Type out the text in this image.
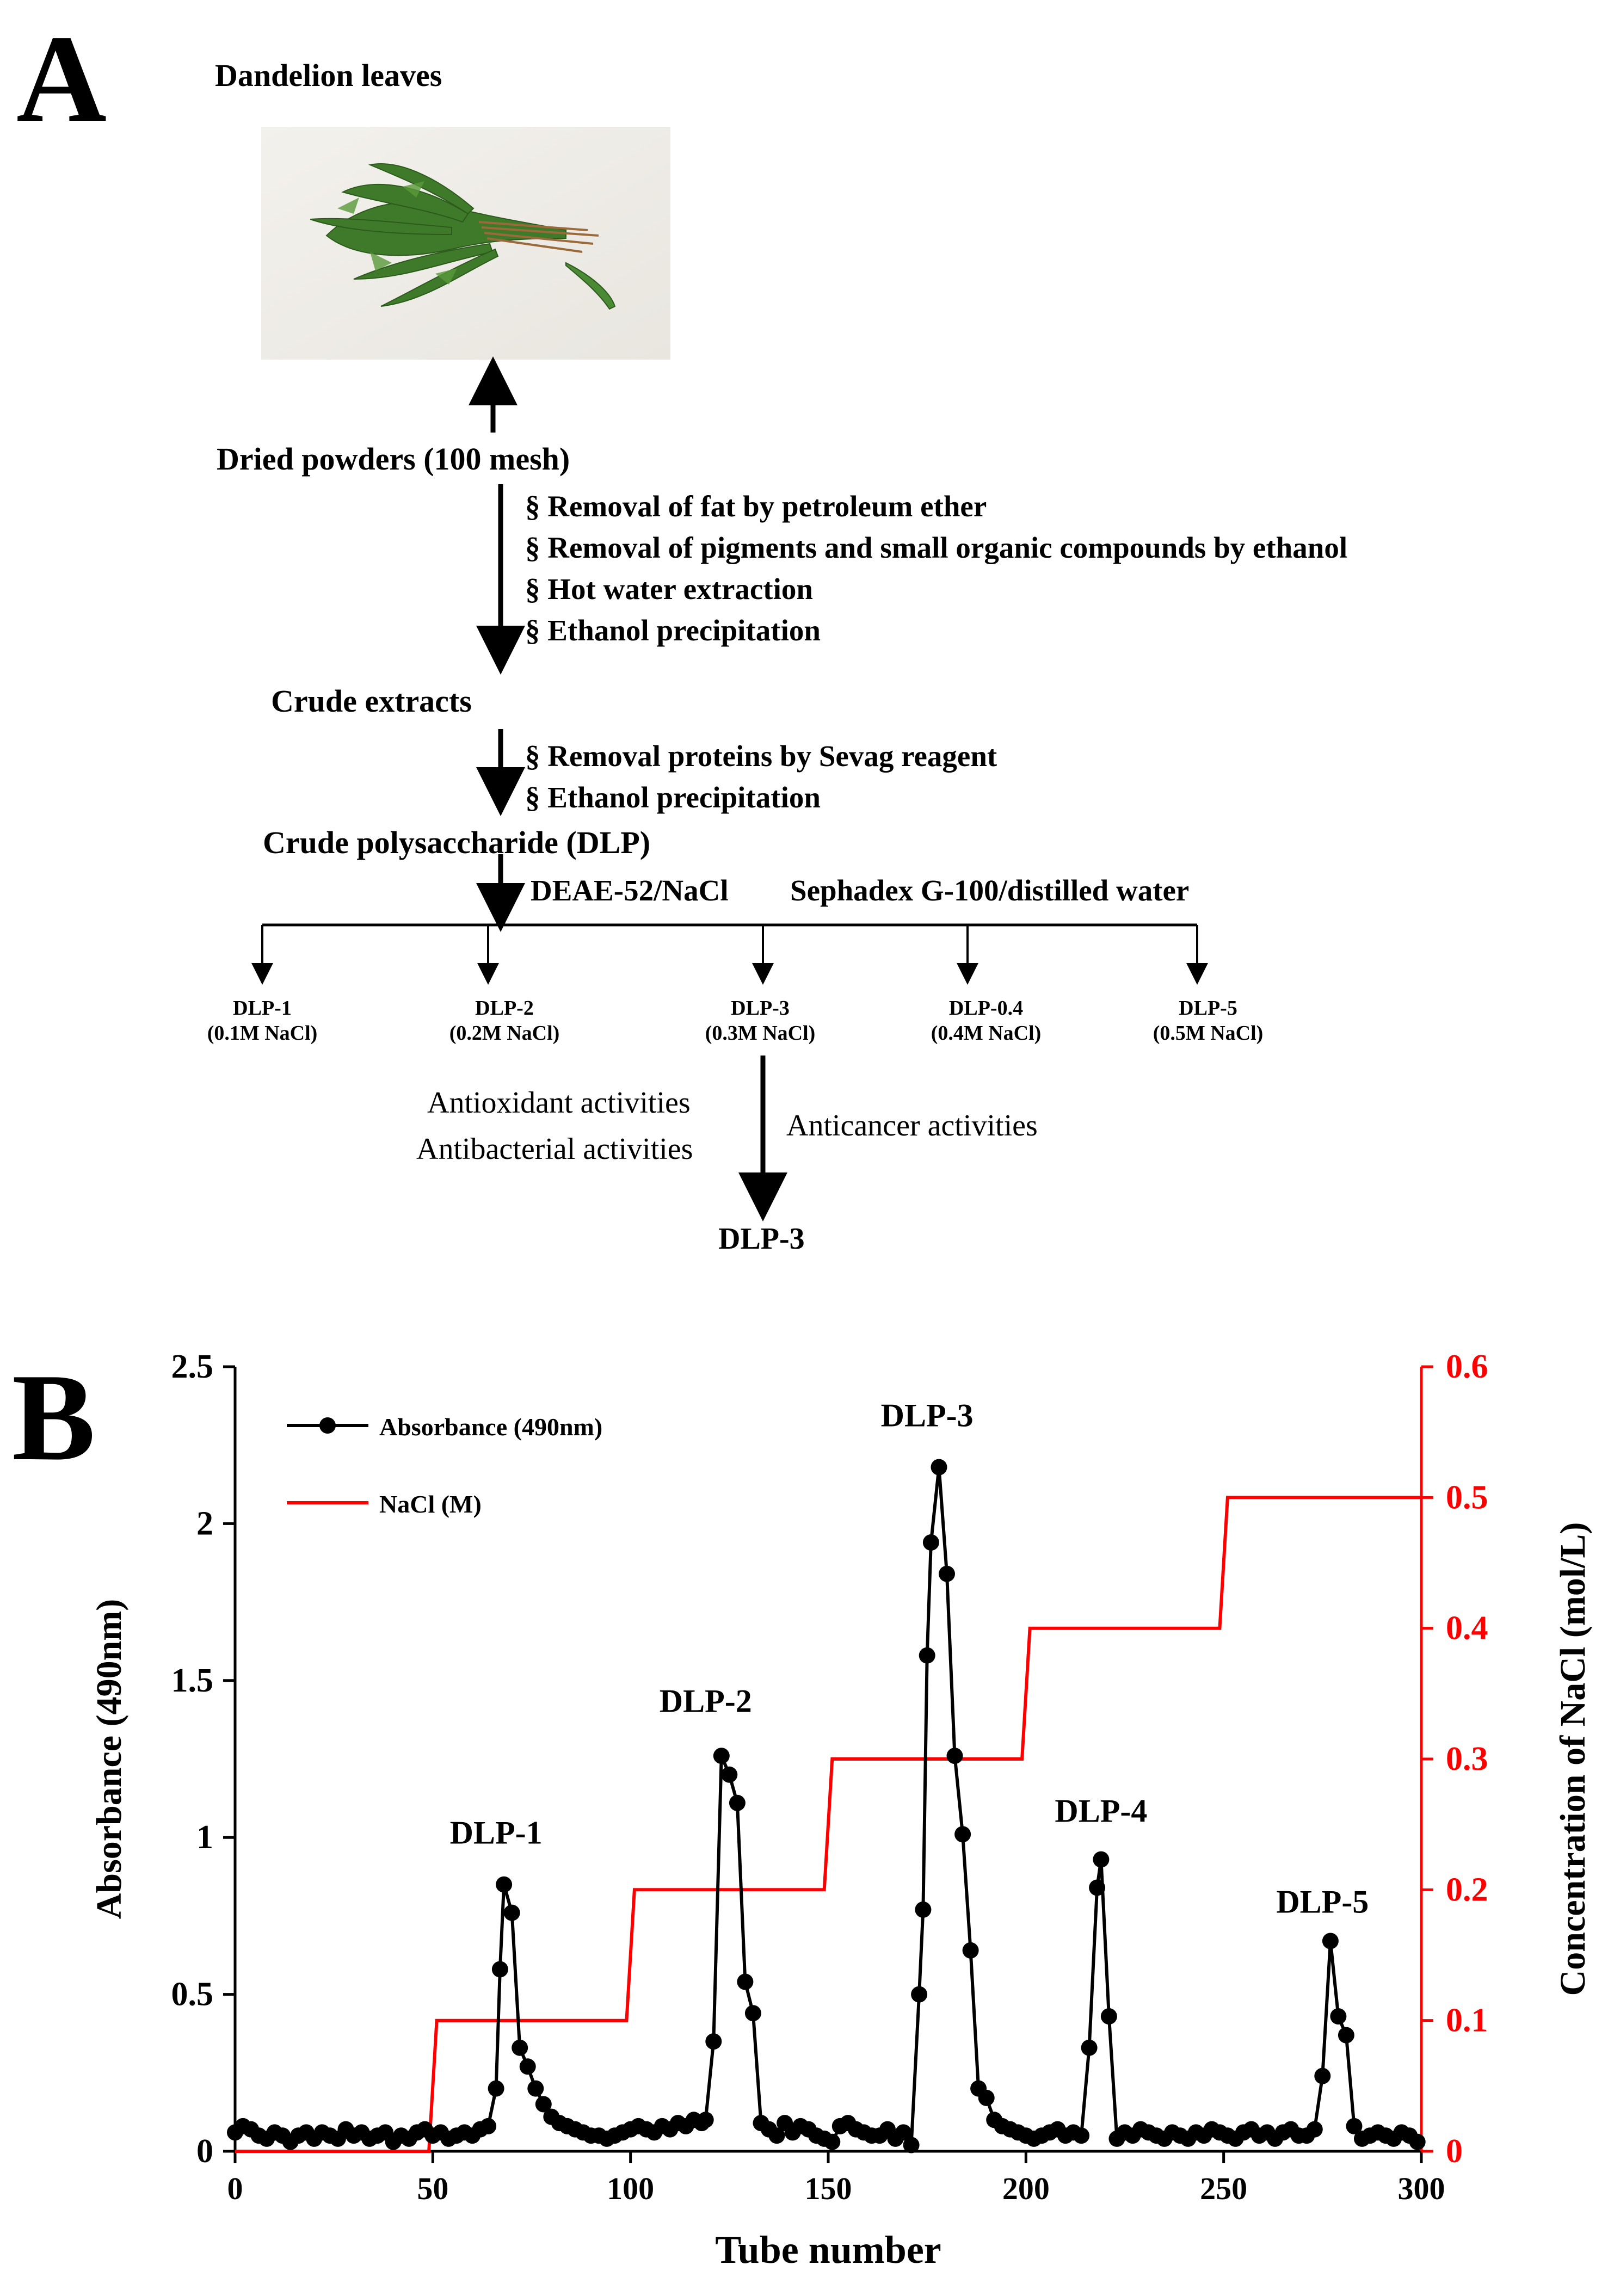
A	Dandelion leaves
Dried powders (100 mesh)
§ Removal of fat by petroleum ether
§ Removal of pigments and small organic compounds by ethanol
§ Hot water extraction
§ Ethanol precipitation
Crude extracts
§ Removal proteins by Sevag reagent
§ Ethanol precipitation
Crude polysaccharide (DLP)
DEAE-52/NaCl Sephadex G-100/distilled water
DLP-1
(0.1M NaCl)
DLP-2
(0.2M NaCl)
DLP-3
(0.3M NaCl)
DLP-0.4
(0.4M NaCl)
DLP-5
(0.5M NaCl)
Antioxidant activities
Antibacterial activities
Anticancer activities
DLP-3
B
0	50	100	150	200	250	300
0
0.5
1
1.5
2
2.5
0
0.1
0.2
0.3
0.4
0.5
0.6
Tube number
Absorbance (490nm)	Concentration of NaCl (mol/L)
DLP-1
DLP-2
DLP-3
DLP-4
DLP-5
Absorbance (490nm)
NaCl (M)
